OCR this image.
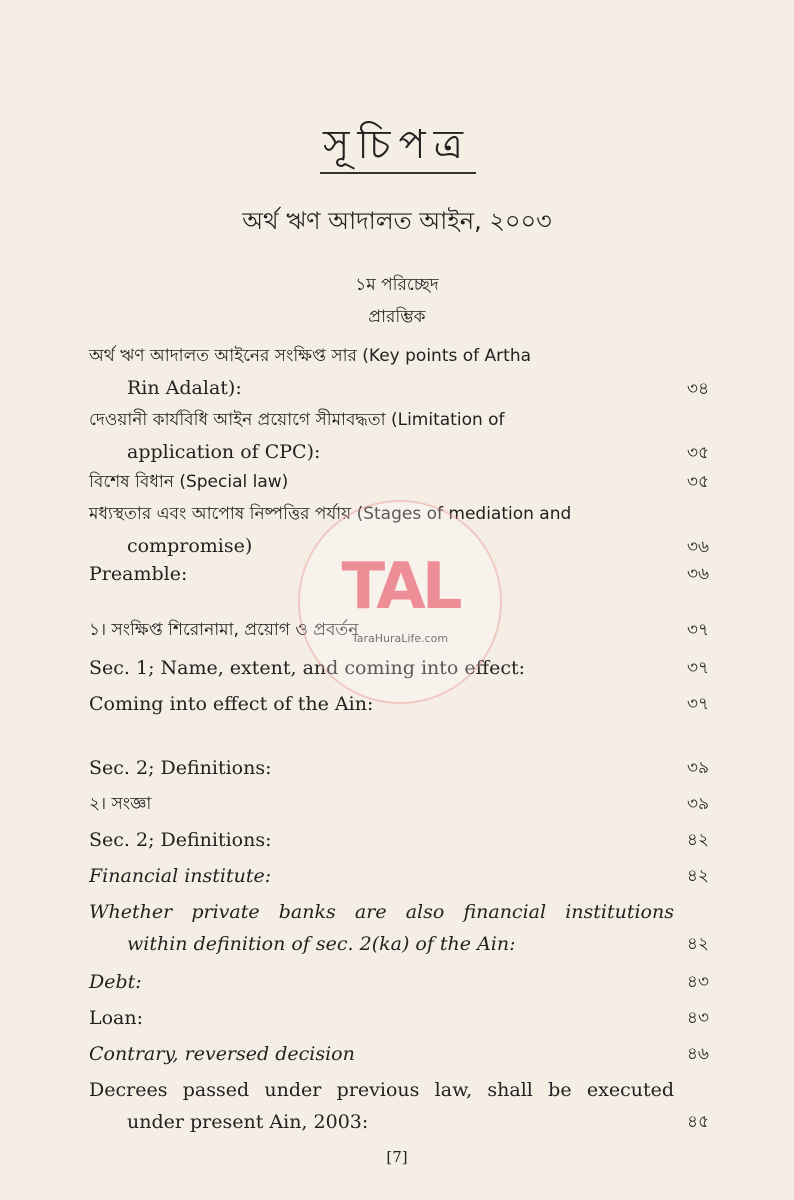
সূচিপত্র
অর্থ ঋণ আদালত আইন, ২০০৩
১ম পরিচ্ছেদ
প্রারম্ভিক
অর্থ ঋণ আদালত আইনের সংক্ষিপ্ত সার (Key points of Artha
Rin Adalat):	৩৪
দেওয়ানী কার্যবিধি আইন প্রয়োগে সীমাবদ্ধতা (Limitation of
application of CPC):	৩৫
বিশেষ বিধান (Special law)	৩৫
মধ্যস্থতার এবং আপোষ নিষ্পত্তির পর্যায় (Stages of mediation and
compromise)	৩৬
Preamble:	৩৬
১। সংক্ষিপ্ত শিরোনামা, প্রয়োগ ও প্রবর্তন	৩৭
Sec. 1; Name, extent, and coming into effect:	৩৭
Coming into effect of the Ain:	৩৭
Sec. 2; Definitions:	৩৯
২। সংজ্ঞা	৩৯
Sec. 2; Definitions:	৪২
Financial institute:	৪২
Whether private banks are also financial institutions
within definition of sec. 2(ka) of the Ain:	৪২
Debt:	৪৩
Loan:	৪৩
Contrary, reversed decision	৪৬
Decrees passed under previous law, shall be executed
under present Ain, 2003:	৪৫
TAL
TaraHuraLife.com
[7]
